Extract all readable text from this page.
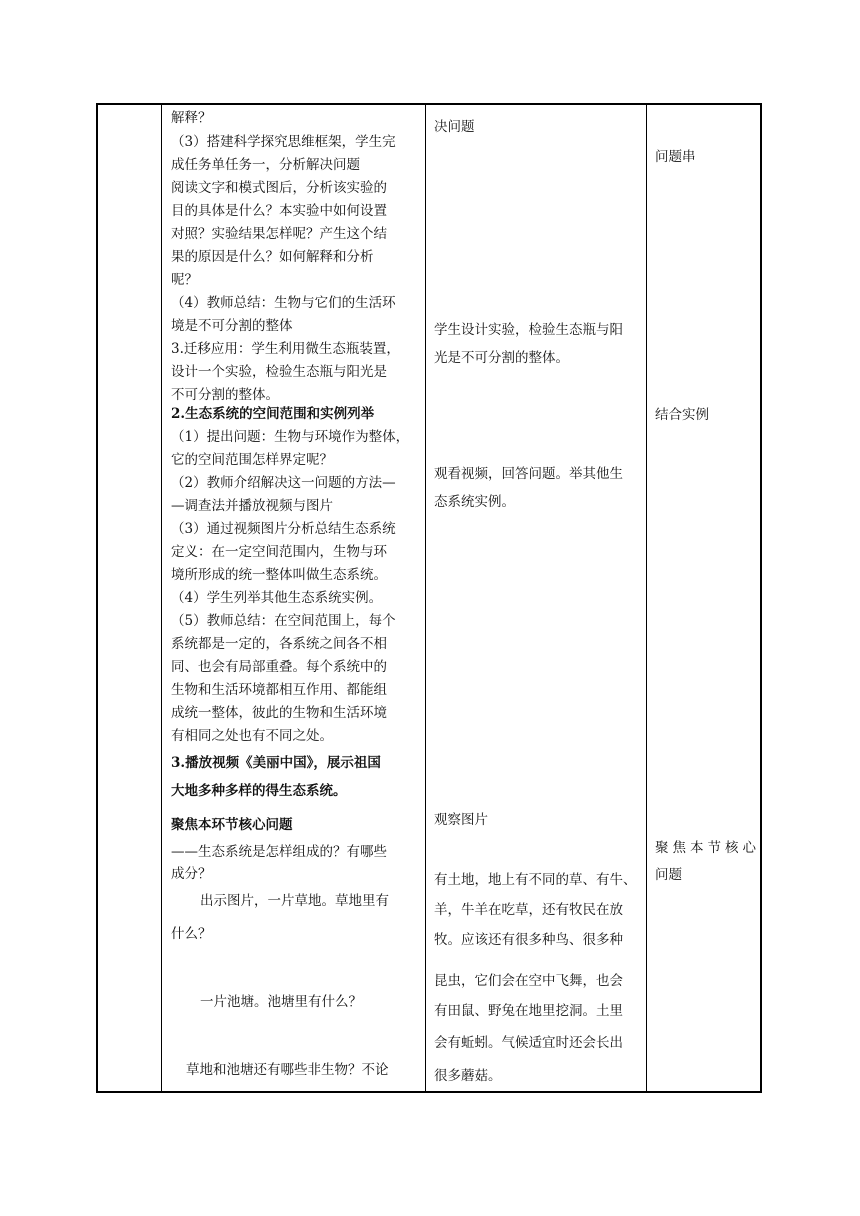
解释？
（3）搭建科学探究思维框架，学生完
成任务单任务一，分析解决问题
阅读文字和模式图后，分析该实验的
目的具体是什么？本实验中如何设置
对照？实验结果怎样呢？产生这个结
果的原因是什么？如何解释和分析
呢？
（4）教师总结：生物与它们的生活环
境是不可分割的整体
3.迁移应用：学生利用微生态瓶装置，
设计一个实验，检验生态瓶与阳光是
不可分割的整体。
2.生态系统的空间范围和实例列举
（1）提出问题：生物与环境作为整体，
它的空间范围怎样界定呢？
（2）教师介绍解决这一问题的方法—
—调查法并播放视频与图片
（3）通过视频图片分析总结生态系统
定义：在一定空间范围内，生物与环
境所形成的统一整体叫做生态系统。
（4）学生列举其他生态系统实例。
（5）教师总结：在空间范围上，每个
系统都是一定的，各系统之间各不相
同、也会有局部重叠。每个系统中的
生物和生活环境都相互作用、都能组
成统一整体，彼此的生物和生活环境
有相同之处也有不同之处。
3.播放视频《美丽中国》，展示祖国
大地多种多样的得生态系统。
聚焦本环节核心问题
——生态系统是怎样组成的？有哪些
成分？
出示图片，一片草地。草地里有
什么？
一片池塘。池塘里有什么？
草地和池塘还有哪些非生物？不论
决问题
学生设计实验，检验生态瓶与阳
光是不可分割的整体。
观看视频，回答问题。举其他生
态系统实例。
观察图片
有土地，地上有不同的草、有牛、
羊，牛羊在吃草，还有牧民在放
牧。应该还有很多种鸟、很多种
昆虫，它们会在空中飞舞，也会
有田鼠、野兔在地里挖洞。土里
会有蚯蚓。气候适宜时还会长出
很多蘑菇。
问题串
结合实例
聚焦本节核心
问题
